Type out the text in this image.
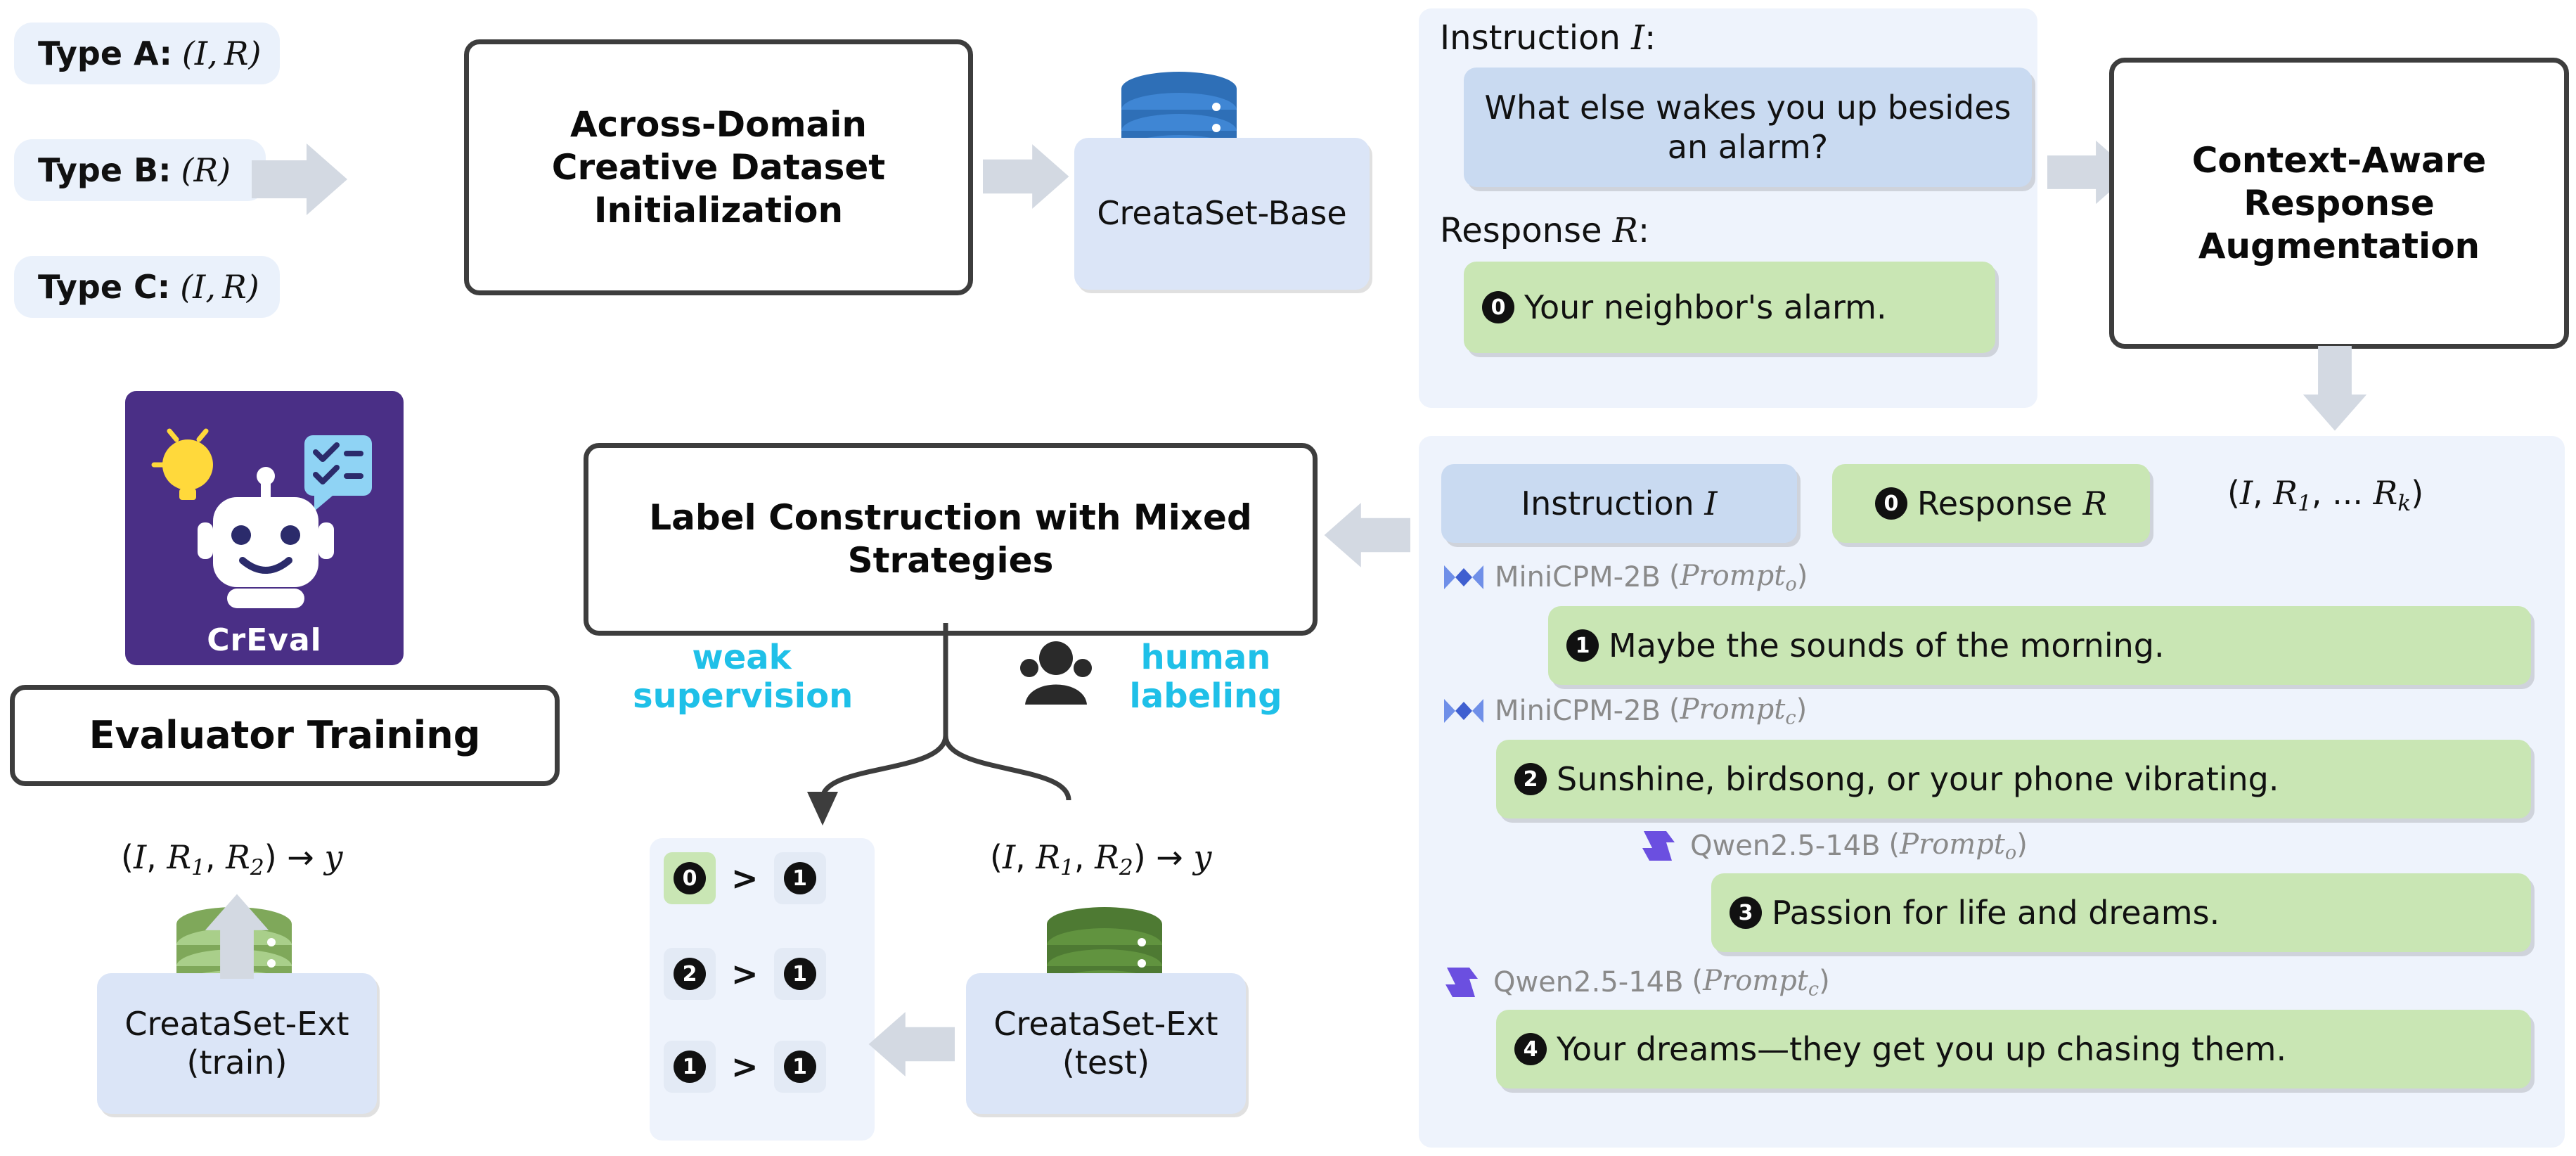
Type A: (I, R)
Type B: (R)
Type C: (I, R)
Across-Domain Creative Dataset Initialization	CreataSet-Base
Instruction I:
What else wakes you up besides an alarm?
Response R:
0 Your neighbor's alarm.
Context-Aware Response Augmentation
Instruction I	0 Response R	(I, $R_1$, ... $R_k$)
MiniCPM-2B (Prompt$_o$)
1 Maybe the sounds of the morning.
MiniCPM-2B (Prompt$_c$)
2 Sunshine, birdsong, or your phone vibrating.
Qwen2.5-14B (Prompt$_o$)
3 Passion for life and dreams.
Qwen2.5-14B (Prompt$_c$)
4 Your dreams—they get you up chasing them.
Label Construction with Mixed Strategies
weak supervision
human labeling
0 >	1
2 >	1
1 >	1
(I, $R_1$, $R_2) \to y$
CreataSet-Ext (test)
(I, $R_1$, $R_2) \to y$
CreataSet-Ext (train)
Evaluator Training
CrEval
